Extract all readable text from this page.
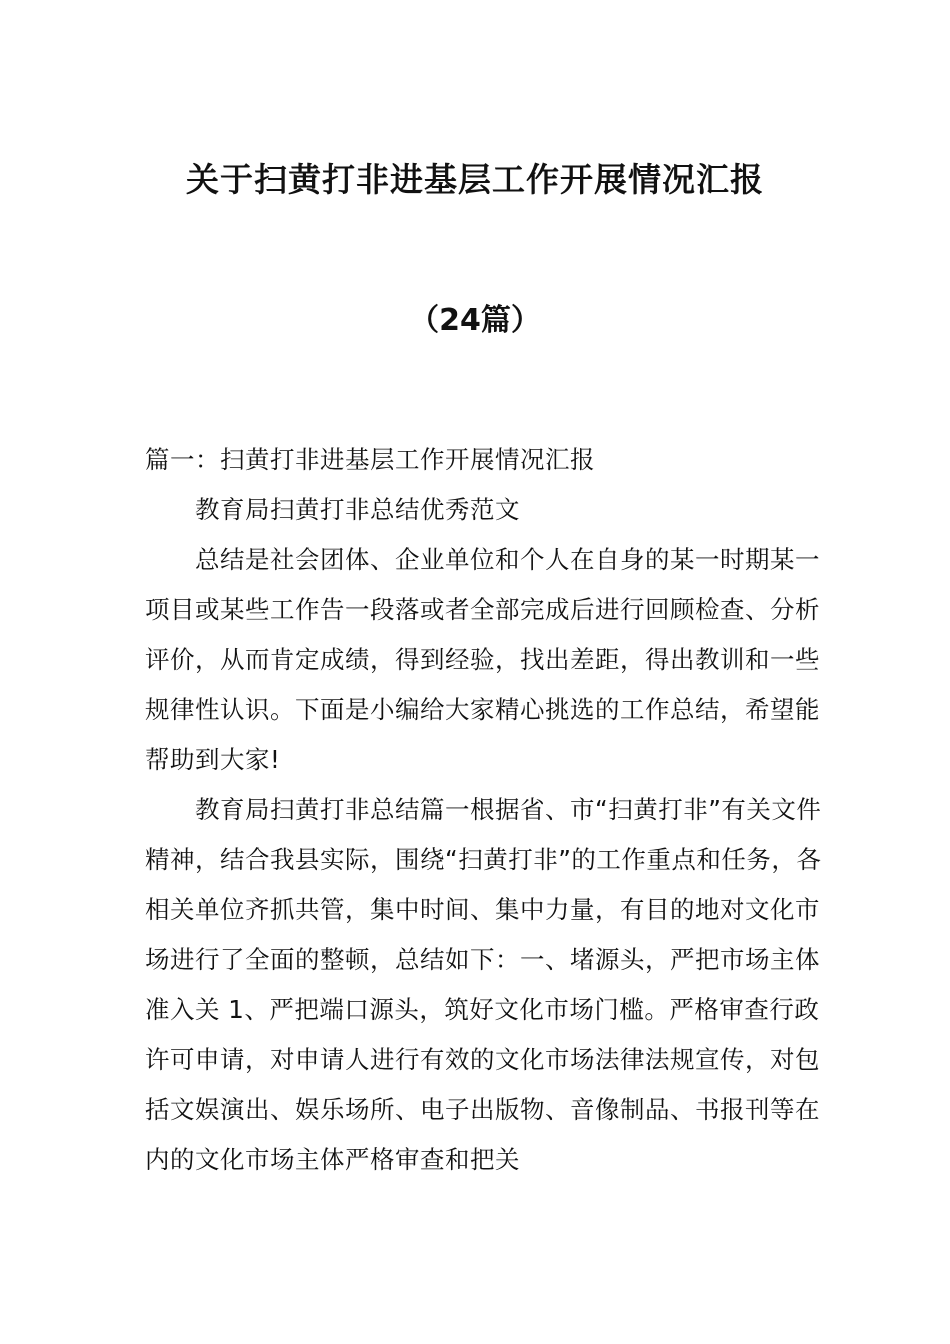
关于扫黄打非进基层工作开展情况汇报
（24篇）

篇一：扫黄打非进基层工作开展情况汇报

教育局扫黄打非总结优秀范文

总结是社会团体、企业单位和个人在自身的某一时期某一项目或某些工作告一段落或者全部完成后进行回顾检查、分析评价，从而肯定成绩，得到经验，找出差距，得出教训和一些规律性认识。下面是小编给大家精心挑选的工作总结，希望能帮助到大家!

教育局扫黄打非总结篇一根据省、市“扫黄打非”有关文件精神，结合我县实际，围绕“扫黄打非”的工作重点和任务，各相关单位齐抓共管，集中时间、集中力量，有目的地对文化市场进行了全面的整顿，总结如下：一、堵源头，严把市场主体准入关 1、严把端口源头，筑好文化市场门槛。严格审查行政许可申请，对申请人进行有效的文化市场法律法规宣传，对包括文娱演出、娱乐场所、电子出版物、音像制品、书报刊等在内的文化市场主体严格审查和把关
